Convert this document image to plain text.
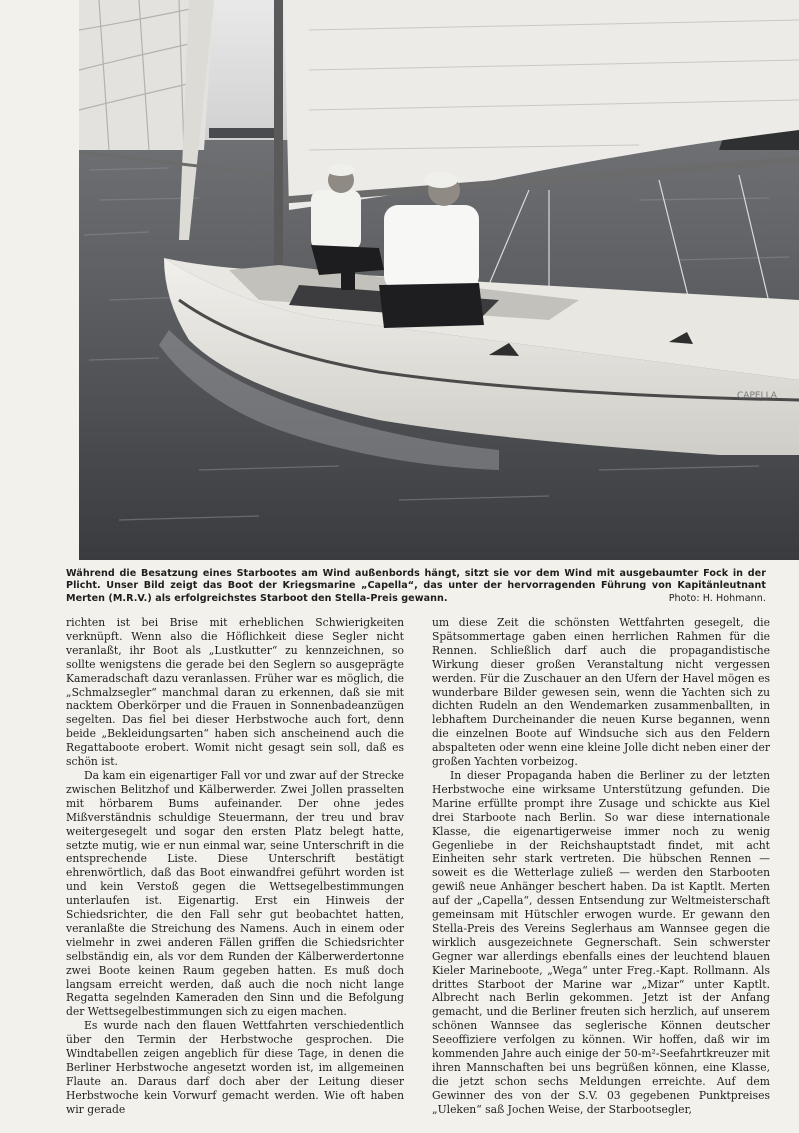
CAPELLA
Während die Besatzung eines Starbootes am Wind außenbords hängt, sitzt sie vor dem Wind mit ausgebaumter Fock in der Plicht. Unser Bild zeigt das Boot der Kriegsmarine „Capella“, das unter der hervorragenden Führung von Kapitänleutnant Merten (M.R.V.) als erfolgreichstes Starboot den Stella-Preis gewann.	Photo: H. Hohmann.

richten ist bei Brise mit erheblichen Schwierigkeiten verknüpft. Wenn also die Höflichkeit diese Segler nicht veranlaßt, ihr Boot als „Lustkutter“ zu kennzeichnen, so sollte wenigstens die gerade bei den Seglern so ausgeprägte Kameradschaft dazu veranlassen. Früher war es möglich, die „Schmalzsegler“ manchmal daran zu erkennen, daß sie mit nacktem Oberkörper und die Frauen in Sonnenbadeanzügen segelten. Das fiel bei dieser Herbstwoche auch fort, denn beide „Bekleidungsarten“ haben sich anscheinend auch die Regattaboote erobert. Womit nicht gesagt sein soll, daß es schön ist.

Da kam ein eigenartiger Fall vor und zwar auf der Strecke zwischen Belitzhof und Kälberwerder. Zwei Jollen prasselten mit hörbarem Bums aufeinander. Der ohne jedes Mißverständnis schuldige Steuermann, der treu und brav weitergesegelt und sogar den ersten Platz belegt hatte, setzte mutig, wie er nun einmal war, seine Unterschrift in die entsprechende Liste. Diese Unterschrift bestätigt ehrenwörtlich, daß das Boot einwandfrei geführt worden ist und kein Verstoß gegen die Wettsegelbestimmungen unterlaufen ist. Eigenartig. Erst ein Hinweis der Schiedsrichter, die den Fall sehr gut beobachtet hatten, veranlaßte die Streichung des Namens. Auch in einem oder vielmehr in zwei anderen Fällen griffen die Schiedsrichter selbständig ein, als vor dem Runden der Kälberwerdertonne zwei Boote keinen Raum gegeben hatten. Es muß doch langsam erreicht werden, daß auch die noch nicht lange Regatta segelnden Kameraden den Sinn und die Befolgung der Wettsegelbestimmungen sich zu eigen machen.

Es wurde nach den flauen Wettfahrten verschiedentlich über den Termin der Herbstwoche gesprochen. Die Windtabellen zeigen angeblich für diese Tage, in denen die Berliner Herbstwoche angesetzt worden ist, im allgemeinen Flaute an. Daraus darf doch aber der Leitung dieser Herbstwoche kein Vorwurf gemacht werden. Wie oft haben wir gerade

um diese Zeit die schönsten Wettfahrten gesegelt, die Spätsommertage gaben einen herrlichen Rahmen für die Rennen. Schließlich darf auch die propagandistische Wirkung dieser großen Veranstaltung nicht vergessen werden. Für die Zuschauer an den Ufern der Havel mögen es wunderbare Bilder gewesen sein, wenn die Yachten sich zu dichten Rudeln an den Wendemarken zusammenballten, in lebhaftem Durcheinander die neuen Kurse begannen, wenn die einzelnen Boote auf Windsuche sich aus den Feldern abspalteten oder wenn eine kleine Jolle dicht neben einer der großen Yachten vorbeizog.

In dieser Propaganda haben die Berliner zu der letzten Herbstwoche eine wirksame Unterstützung gefunden. Die Marine erfüllte prompt ihre Zusage und schickte aus Kiel drei Starboote nach Berlin. So war diese internationale Klasse, die eigenartigerweise immer noch zu wenig Gegenliebe in der Reichshauptstadt findet, mit acht Einheiten sehr stark vertreten. Die hübschen Rennen — soweit es die Wetterlage zuließ — werden den Starbooten gewiß neue Anhänger beschert haben. Da ist Kaptlt. Merten auf der „Capella“, dessen Entsendung zur Weltmeisterschaft gemeinsam mit Hütschler erwogen wurde. Er gewann den Stella-Preis des Vereins Seglerhaus am Wannsee gegen die wirklich ausgezeichnete Gegnerschaft. Sein schwerster Gegner war allerdings ebenfalls eines der leuchtend blauen Kieler Marineboote, „Wega“ unter Freg.-Kapt. Rollmann. Als drittes Starboot der Marine war „Mizar“ unter Kaptlt. Albrecht nach Berlin gekommen. Jetzt ist der Anfang gemacht, und die Berliner freuten sich herzlich, auf unserem schönen Wannsee das seglerische Können deutscher Seeoffiziere verfolgen zu können. Wir hoffen, daß wir im kommenden Jahre auch einige der 50-m²-Seefahrtkreuzer mit ihren Mannschaften bei uns begrüßen können, eine Klasse, die jetzt schon sechs Meldungen erreichte. Auf dem Gewinner des von der S.V. 03 gegebenen Punktpreises „Uleken“ saß Jochen Weise, der Starbootsegler,
